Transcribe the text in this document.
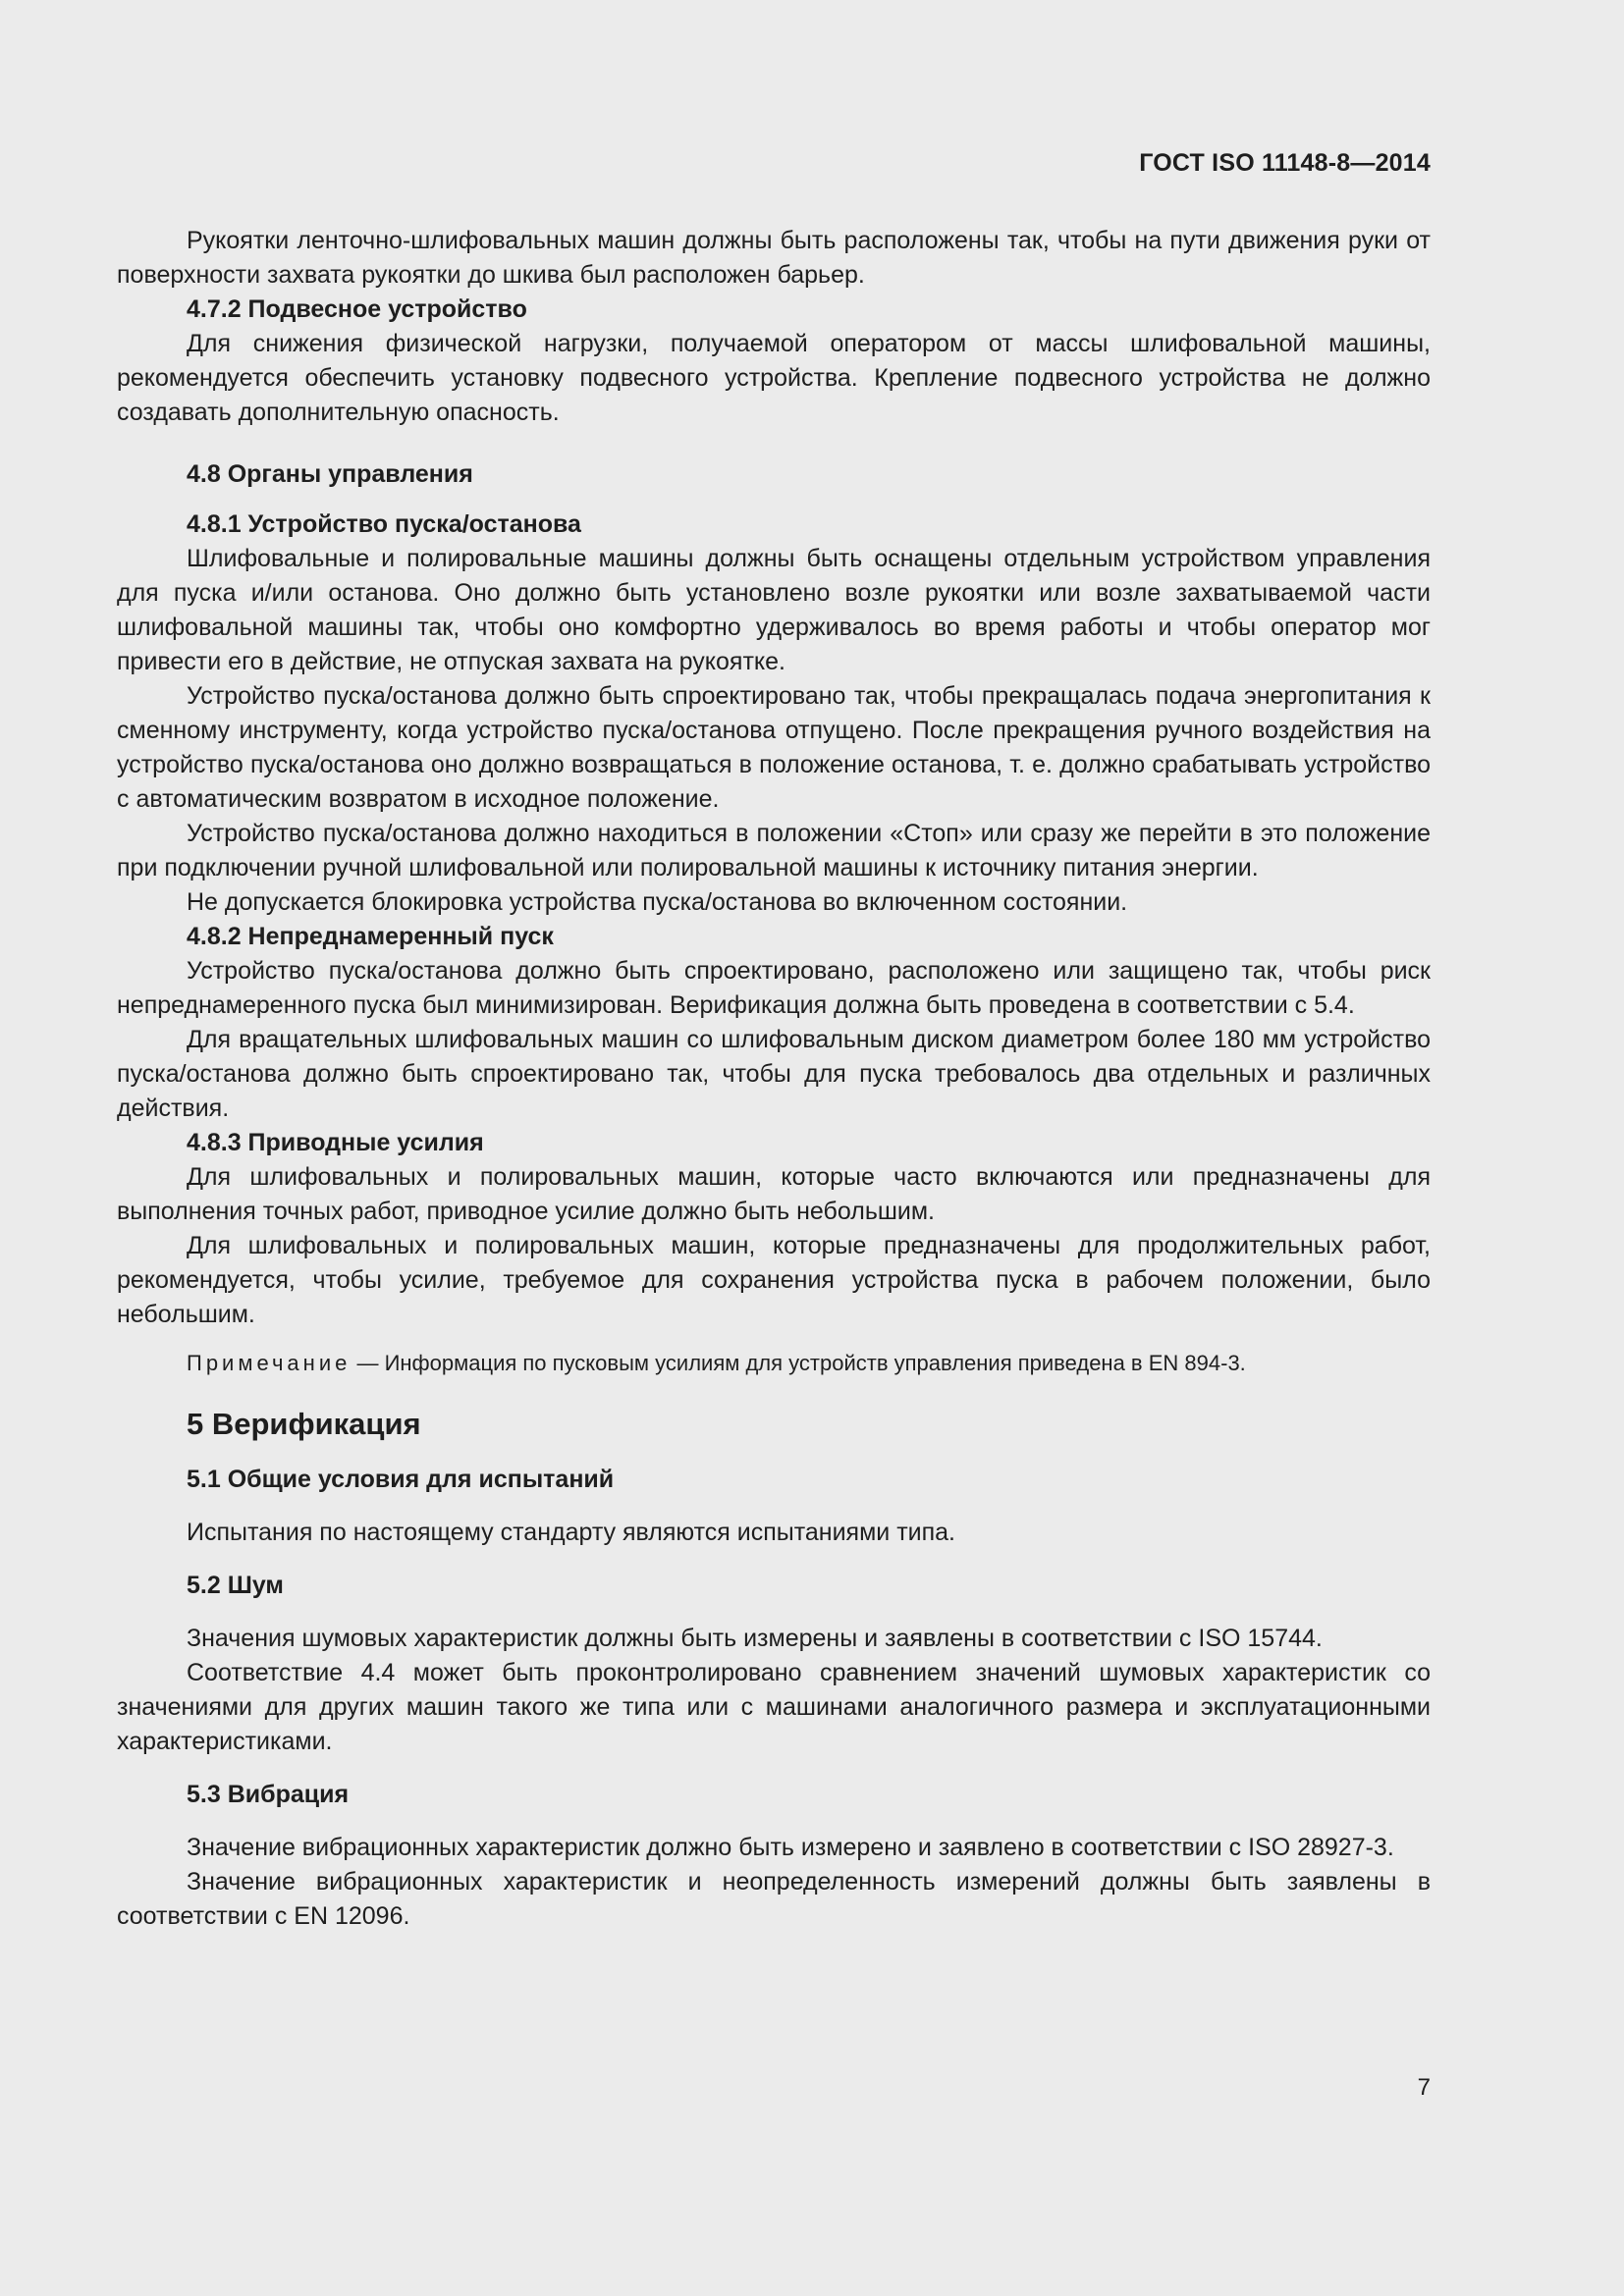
ГОСТ ISO 11148-8—2014

Рукоятки ленточно-шлифовальных машин должны быть расположены так, чтобы на пути движения руки от поверхности захвата рукоятки до шкива был расположен барьер.

4.7.2 Подвесное устройство

Для снижения физической нагрузки, получаемой оператором от массы шлифовальной машины, рекомендуется обеспечить установку подвесного устройства. Крепление подвесного устройства не должно создавать дополнительную опасность.

4.8 Органы управления
4.8.1 Устройство пуска/останова

Шлифовальные и полировальные машины должны быть оснащены отдельным устройством управления для пуска и/или останова. Оно должно быть установлено возле рукоятки или возле захватываемой части шлифовальной машины так, чтобы оно комфортно удерживалось во время работы и чтобы оператор мог привести его в действие, не отпуская захвата на рукоятке.

Устройство пуска/останова должно быть спроектировано так, чтобы прекращалась подача энергопитания к сменному инструменту, когда устройство пуска/останова отпущено. После прекращения ручного воздействия на устройство пуска/останова оно должно возвращаться в положение останова, т. е. должно срабатывать устройство с автоматическим возвратом в исходное положение.

Устройство пуска/останова должно находиться в положении «Стоп» или сразу же перейти в это положение при подключении ручной шлифовальной или полировальной машины к источнику питания энергии.

Не допускается блокировка устройства пуска/останова во включенном состоянии.

4.8.2 Непреднамеренный пуск

Устройство пуска/останова должно быть спроектировано, расположено или защищено так, чтобы риск непреднамеренного пуска был минимизирован. Верификация должна быть проведена в соответствии с 5.4.

Для вращательных шлифовальных машин со шлифовальным диском диаметром более 180 мм устройство пуска/останова должно быть спроектировано так, чтобы для пуска требовалось два отдельных и различных действия.

4.8.3 Приводные усилия

Для шлифовальных и полировальных машин, которые часто включаются или предназначены для выполнения точных работ, приводное усилие должно быть небольшим.

Для шлифовальных и полировальных машин, которые предназначены для продолжительных работ, рекомендуется, чтобы усилие, требуемое для сохранения устройства пуска в рабочем положении, было небольшим.

Примечание — Информация по пусковым усилиям для устройств управления приведена в EN 894-3.
5 Верификация
5.1 Общие условия для испытаний

Испытания по настоящему стандарту являются испытаниями типа.

5.2 Шум

Значения шумовых характеристик должны быть измерены и заявлены в соответствии с ISO 15744.

Соответствие 4.4 может быть проконтролировано сравнением значений шумовых характеристик со значениями для других машин такого же типа или с машинами аналогичного размера и эксплуатационными характеристиками.

5.3 Вибрация

Значение вибрационных характеристик должно быть измерено и заявлено в соответствии с ISO 28927-3.

Значение вибрационных характеристик и неопределенность измерений должны быть заявлены в соответствии с EN 12096.

7
